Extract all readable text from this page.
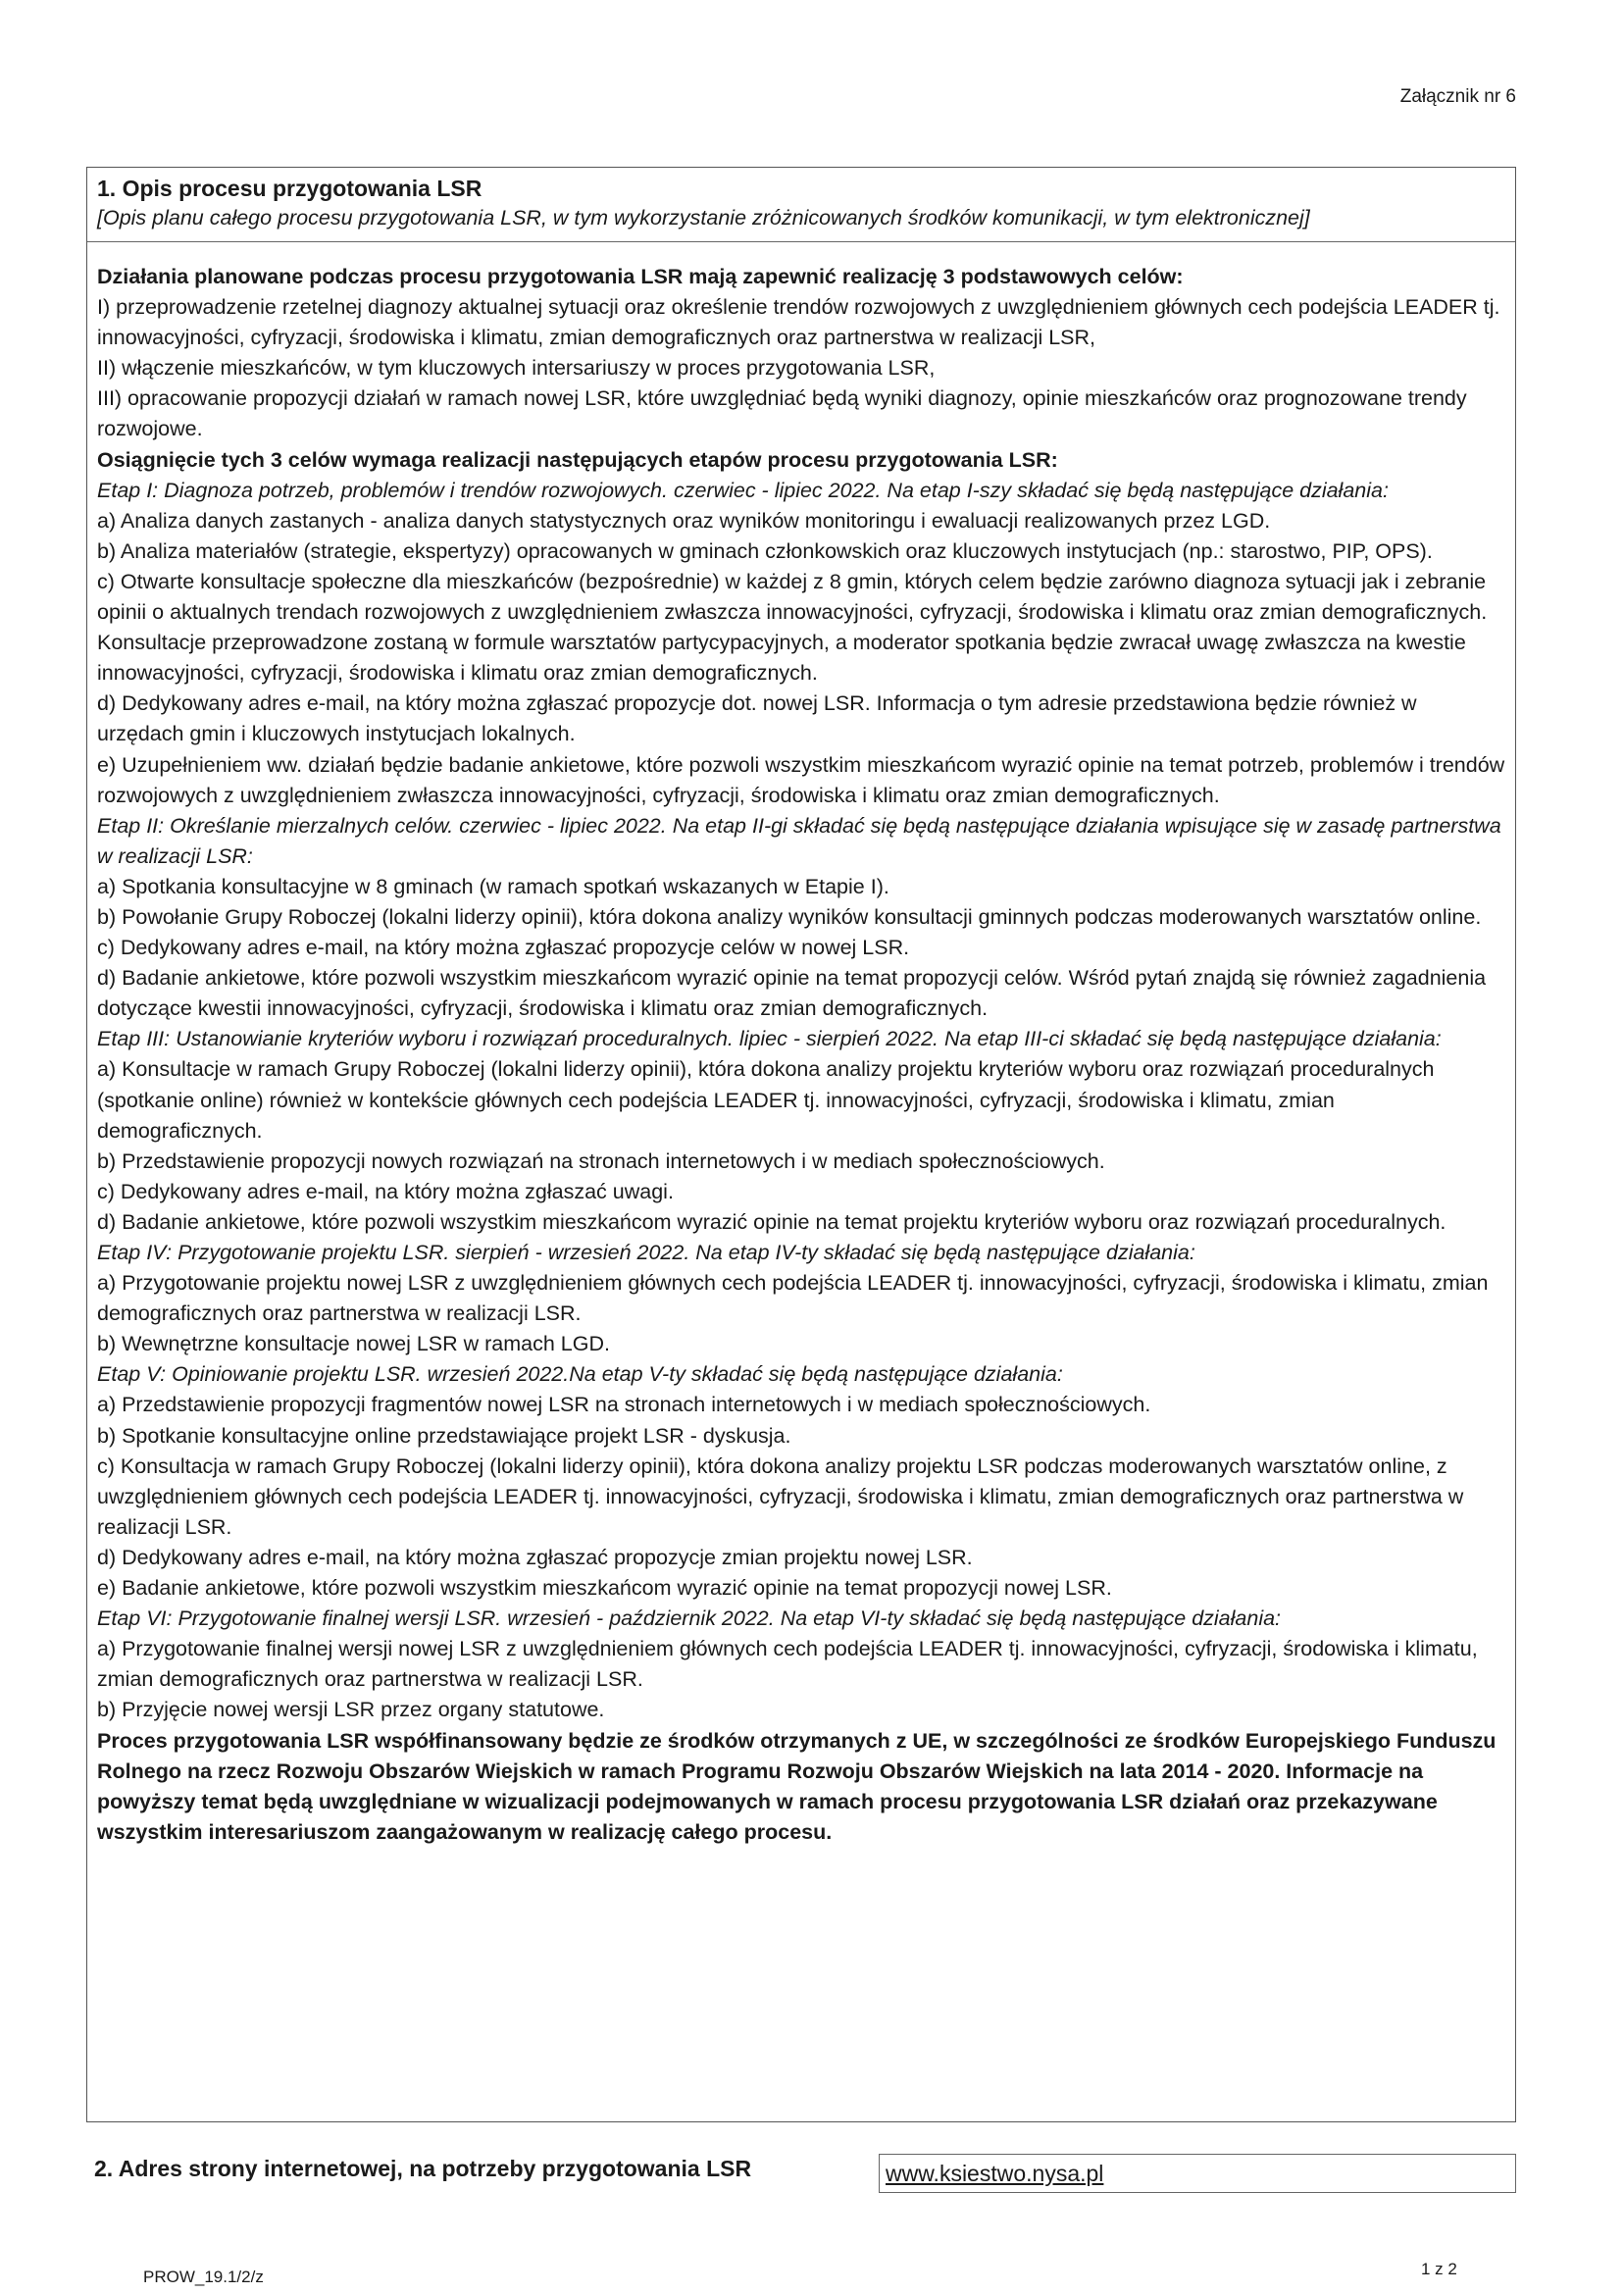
Załącznik nr 6
1. Opis procesu przygotowania LSR
[Opis planu całego procesu przygotowania LSR, w tym wykorzystanie zróżnicowanych środków komunikacji, w tym elektronicznej]

Działania planowane podczas procesu przygotowania LSR mają zapewnić realizację 3 podstawowych celów:

I) przeprowadzenie rzetelnej diagnozy aktualnej sytuacji oraz określenie trendów rozwojowych z uwzględnieniem głównych cech podejścia LEADER tj. innowacyjności, cyfryzacji, środowiska i klimatu, zmian demograficznych oraz partnerstwa w realizacji LSR,

II) włączenie mieszkańców, w tym kluczowych intersariuszy w proces przygotowania LSR,

III) opracowanie propozycji działań w ramach nowej LSR, które uwzględniać będą wyniki diagnozy, opinie mieszkańców oraz prognozowane trendy rozwojowe.

Osiągnięcie tych 3 celów wymaga realizacji następujących etapów procesu przygotowania LSR:

Etap I: Diagnoza potrzeb, problemów i trendów rozwojowych. czerwiec - lipiec 2022. Na etap I-szy składać się będą następujące działania:

a) Analiza danych zastanych - analiza danych statystycznych oraz wyników monitoringu i ewaluacji realizowanych przez LGD.

b) Analiza materiałów (strategie, ekspertyzy) opracowanych w gminach członkowskich oraz kluczowych instytucjach (np.: starostwo, PIP, OPS).

c) Otwarte konsultacje społeczne dla mieszkańców (bezpośrednie) w każdej z 8 gmin, których celem będzie zarówno diagnoza sytuacji jak i zebranie opinii o aktualnych trendach rozwojowych z uwzględnieniem zwłaszcza innowacyjności, cyfryzacji, środowiska i klimatu oraz zmian demograficznych. Konsultacje przeprowadzone zostaną w formule warsztatów partycypacyjnych, a moderator spotkania będzie zwracał uwagę zwłaszcza na kwestie innowacyjności, cyfryzacji, środowiska i klimatu oraz zmian demograficznych.

d) Dedykowany adres e-mail, na który można zgłaszać propozycje dot. nowej LSR. Informacja o tym adresie przedstawiona będzie również w urzędach gmin i kluczowych instytucjach lokalnych.

e) Uzupełnieniem ww. działań będzie badanie ankietowe, które pozwoli wszystkim mieszkańcom wyrazić opinie na temat potrzeb, problemów i trendów rozwojowych z uwzględnieniem zwłaszcza innowacyjności, cyfryzacji, środowiska i klimatu oraz zmian demograficznych.

Etap II: Określanie mierzalnych celów. czerwiec - lipiec 2022. Na etap II-gi składać się będą następujące działania wpisujące się w zasadę partnerstwa w realizacji LSR:

a) Spotkania konsultacyjne w 8 gminach (w ramach spotkań wskazanych w Etapie I).

b) Powołanie Grupy Roboczej (lokalni liderzy opinii), która dokona analizy wyników konsultacji gminnych podczas moderowanych warsztatów online.

c) Dedykowany adres e-mail, na który można zgłaszać propozycje celów w nowej LSR.

d) Badanie ankietowe, które pozwoli wszystkim mieszkańcom wyrazić opinie na temat propozycji celów. Wśród pytań znajdą się również zagadnienia dotyczące kwestii innowacyjności, cyfryzacji, środowiska i klimatu oraz zmian demograficznych.

Etap III: Ustanowianie kryteriów wyboru i rozwiązań proceduralnych. lipiec - sierpień 2022. Na etap III-ci składać się będą następujące działania:

a) Konsultacje w ramach Grupy Roboczej (lokalni liderzy opinii), która dokona analizy projektu kryteriów wyboru oraz rozwiązań proceduralnych (spotkanie online) również w kontekście głównych cech podejścia LEADER tj. innowacyjności, cyfryzacji, środowiska i klimatu, zmian demograficznych.

b) Przedstawienie propozycji nowych rozwiązań na stronach internetowych i w mediach społecznościowych.

c) Dedykowany adres e-mail, na który można zgłaszać uwagi.

d) Badanie ankietowe, które pozwoli wszystkim mieszkańcom wyrazić opinie na temat projektu kryteriów wyboru oraz rozwiązań proceduralnych.

Etap IV: Przygotowanie projektu LSR. sierpień - wrzesień 2022. Na etap IV-ty składać się będą następujące działania:

a) Przygotowanie projektu nowej LSR z uwzględnieniem głównych cech podejścia LEADER tj. innowacyjności, cyfryzacji, środowiska i klimatu, zmian demograficznych oraz partnerstwa w realizacji LSR.

b) Wewnętrzne konsultacje nowej LSR w ramach LGD.

Etap V: Opiniowanie projektu LSR. wrzesień 2022.Na etap V-ty składać się będą następujące działania:

a) Przedstawienie propozycji fragmentów nowej LSR na stronach internetowych i w mediach społecznościowych.

b) Spotkanie konsultacyjne online przedstawiające projekt LSR - dyskusja.

c) Konsultacja w ramach Grupy Roboczej (lokalni liderzy opinii), która dokona analizy projektu LSR podczas moderowanych warsztatów online, z uwzględnieniem głównych cech podejścia LEADER tj. innowacyjności, cyfryzacji, środowiska i klimatu, zmian demograficznych oraz partnerstwa w realizacji LSR.

d) Dedykowany adres e-mail, na który można zgłaszać propozycje zmian projektu nowej LSR.

e) Badanie ankietowe, które pozwoli wszystkim mieszkańcom wyrazić opinie na temat propozycji nowej LSR.

Etap VI: Przygotowanie finalnej wersji LSR. wrzesień - październik 2022. Na etap VI-ty składać się będą następujące działania:

a) Przygotowanie finalnej wersji nowej LSR z uwzględnieniem głównych cech podejścia LEADER tj. innowacyjności, cyfryzacji, środowiska i klimatu, zmian demograficznych oraz partnerstwa w realizacji LSR.

b) Przyjęcie nowej wersji LSR przez organy statutowe.

Proces przygotowania LSR współfinansowany będzie ze środków otrzymanych z UE, w szczególności ze środków Europejskiego Funduszu Rolnego na rzecz Rozwoju Obszarów Wiejskich w ramach Programu Rozwoju Obszarów Wiejskich na lata 2014 - 2020. Informacje na powyższy temat będą uwzględniane w wizualizacji podejmowanych w ramach procesu przygotowania LSR działań oraz przekazywane wszystkim interesariuszom zaangażowanym w realizację całego procesu.

2. Adres strony internetowej, na potrzeby przygotowania LSR	www.ksiestwo.nysa.pl
PROW_19.1/2/z	1 z 2
